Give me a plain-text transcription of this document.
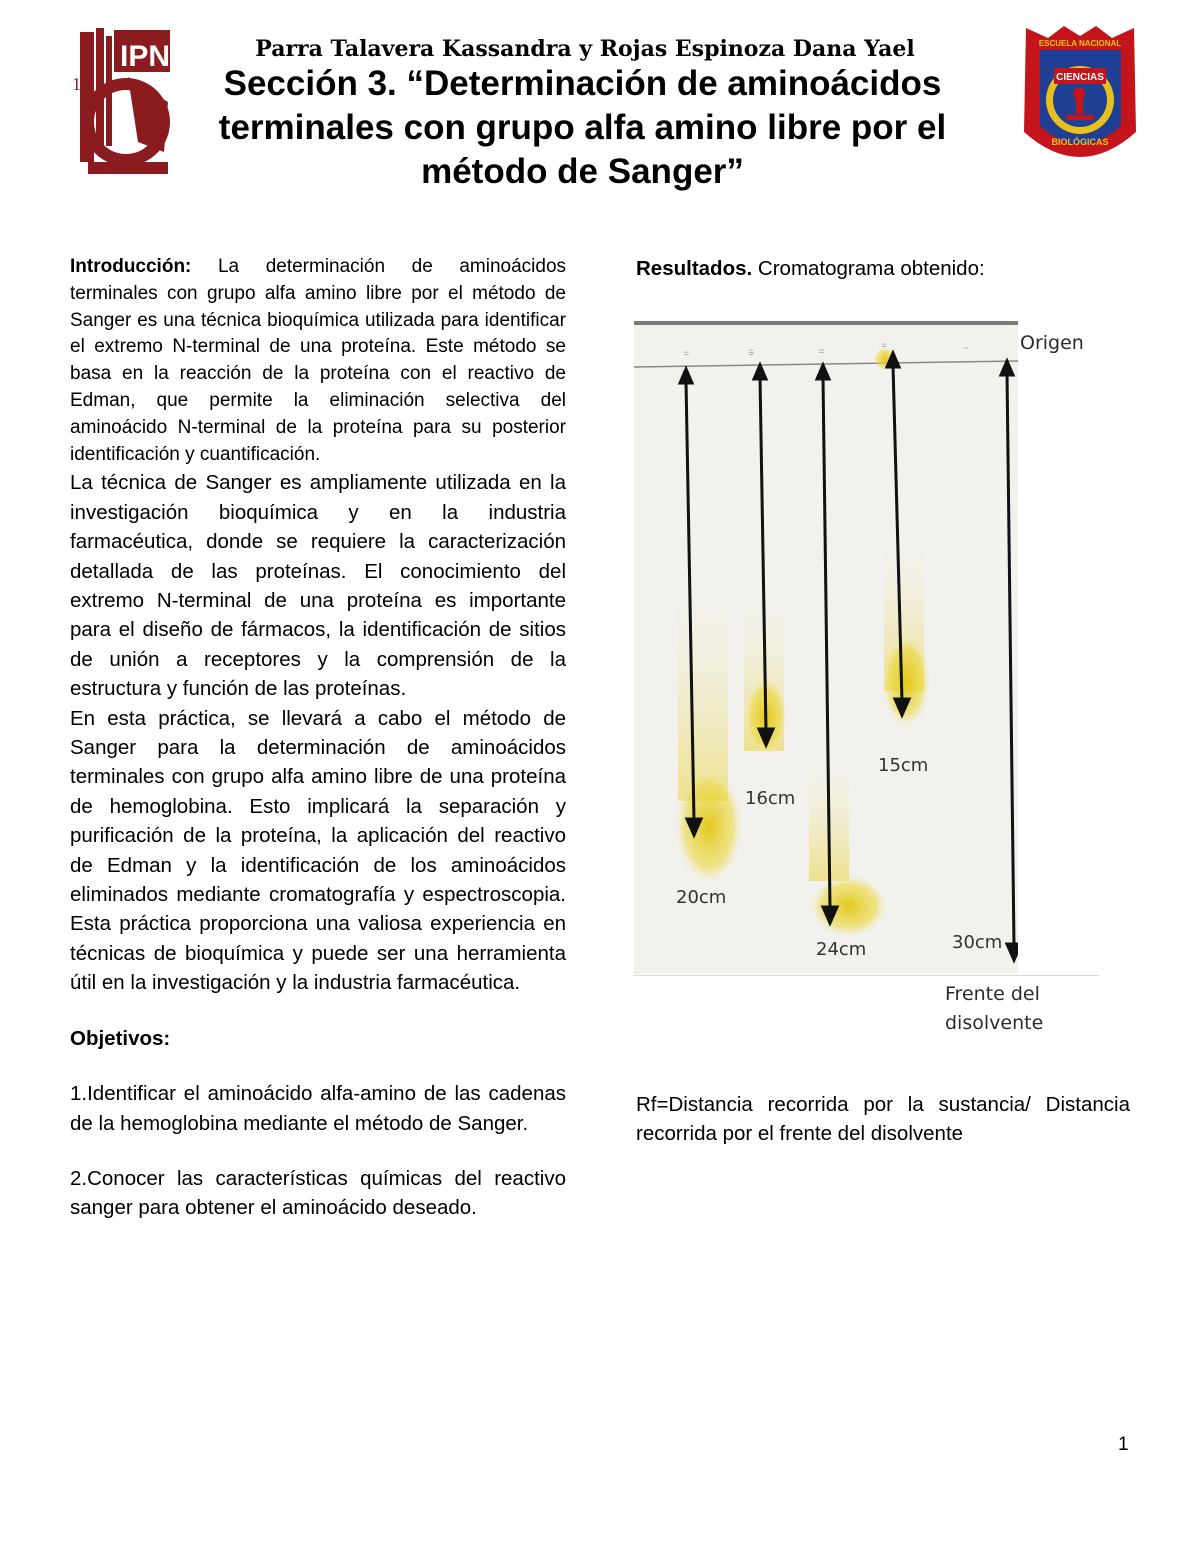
IPN
1	CIENCIAS
ESCUELA NACIONAL
BIOLÓGICAS
Parra Talavera Kassandra y Rojas Espinoza Dana Yael
Sección 3. “Determinación de aminoácidos terminales con grupo alfa amino libre por el método de Sanger”

Introducción: La determinación de aminoácidos terminales con grupo alfa amino libre por el método de Sanger es una técnica bioquímica utilizada para identificar el extremo N-terminal de una proteína. Este método se basa en la reacción de la proteína con el reactivo de Edman, que permite la eliminación selectiva del aminoácido N-terminal de la proteína para su posterior identificación y cuantificación.

La técnica de Sanger es ampliamente utilizada en la investigación bioquímica y en la industria farmacéutica, donde se requiere la caracterización detallada de las proteínas. El conocimiento del extremo N-terminal de una proteína es importante para el diseño de fármacos, la identificación de sitios de unión a receptores y la comprensión de la estructura y función de las proteínas.

En esta práctica, se llevará a cabo el método de Sanger para la determinación de aminoácidos terminales con grupo alfa amino libre de una proteína de hemoglobina. Esto implicará la separación y purificación de la proteína, la aplicación del reactivo de Edman y la identificación de los aminoácidos eliminados mediante cromatografía y espectroscopia. Esta práctica proporciona una valiosa experiencia en técnicas de bioquímica y puede ser una herramienta útil en la investigación y la industria farmacéutica.

Objetivos:

1.Identificar el aminoácido alfa-amino de las cadenas de la hemoglobina mediante el método de Sanger.

2.Conocer las características químicas del reactivo sanger para obtener el aminoácido deseado.

Resultados. Cromatograma obtenido:
ıı	ııı	ıı
ıı
ı
20cm
16cm
24cm
15cm
30cm
Origen
Frente del
disolvente
Rf=Distancia recorrida por la sustancia/ Distancia recorrida por el frente del disolvente
1
